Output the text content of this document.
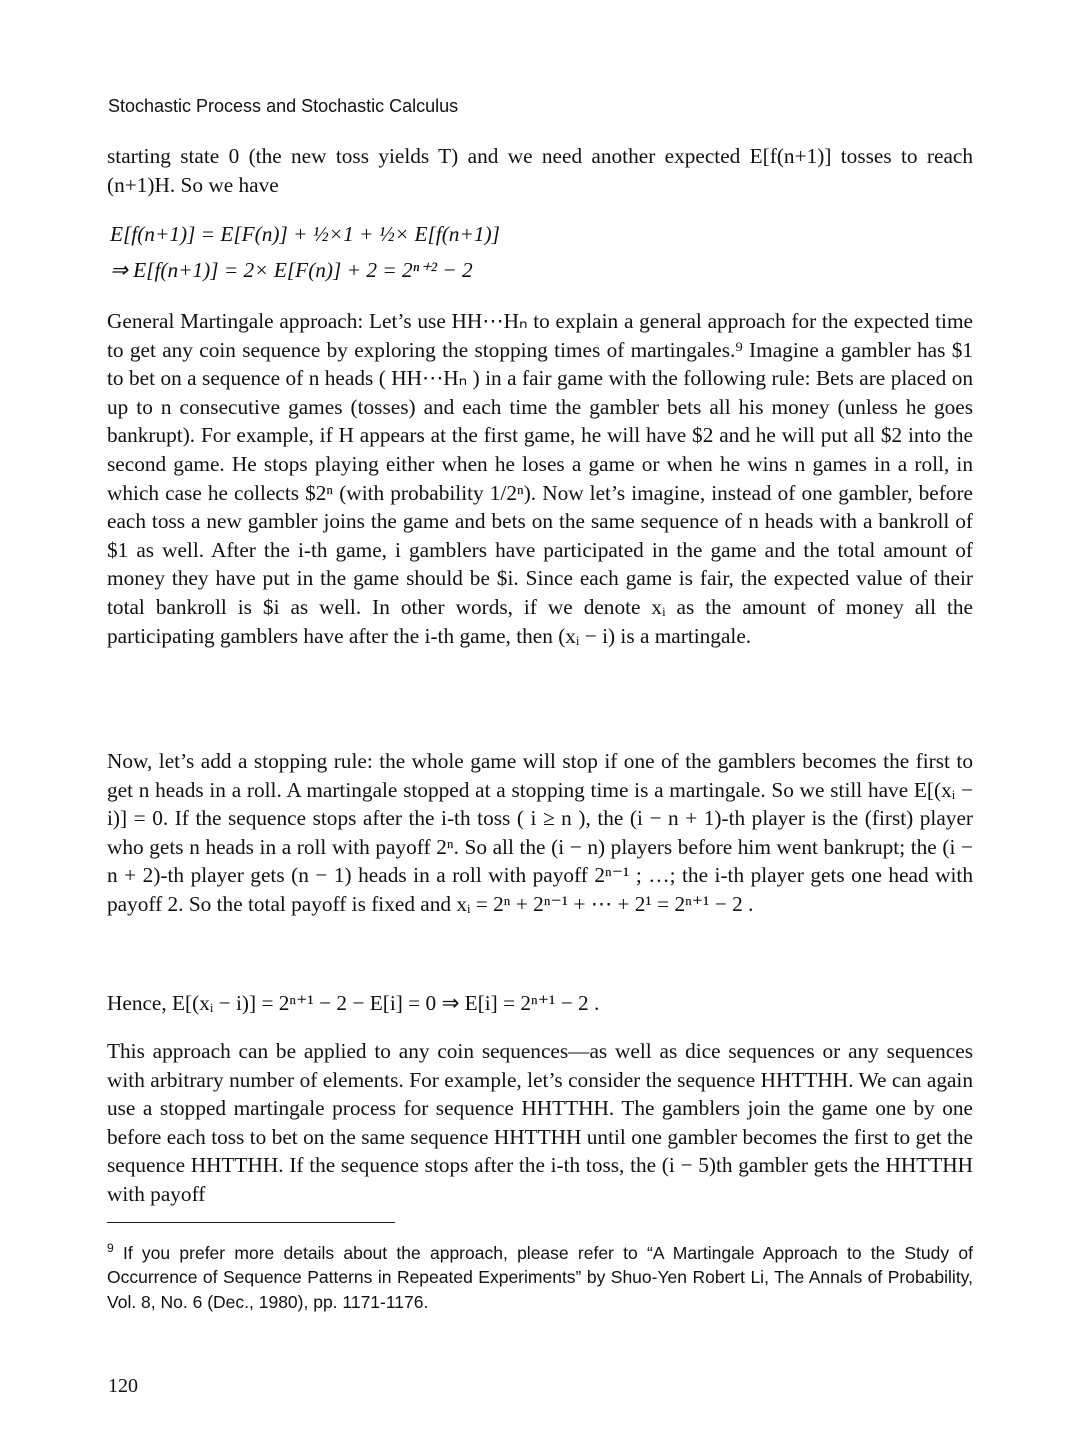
Stochastic Process and Stochastic Calculus
starting state 0 (the new toss yields T) and we need another expected E[f(n+1)] tosses to reach (n+1)H. So we have
E[f(n+1)] = E[F(n)] + ½×1 + ½× E[f(n+1)]
⇒ E[f(n+1)] = 2× E[F(n)] + 2 = 2ⁿ⁺² − 2
General Martingale approach: Let’s use HH⋯Hₙ to explain a general approach for the expected time to get any coin sequence by exploring the stopping times of martingales.⁹ Imagine a gambler has $1 to bet on a sequence of n heads ( HH⋯Hₙ ) in a fair game with the following rule: Bets are placed on up to n consecutive games (tosses) and each time the gambler bets all his money (unless he goes bankrupt). For example, if H appears at the first game, he will have $2 and he will put all $2 into the second game. He stops playing either when he loses a game or when he wins n games in a roll, in which case he collects $2ⁿ (with probability 1/2ⁿ). Now let’s imagine, instead of one gambler, before each toss a new gambler joins the game and bets on the same sequence of n heads with a bankroll of $1 as well. After the i-th game, i gamblers have participated in the game and the total amount of money they have put in the game should be $i. Since each game is fair, the expected value of their total bankroll is $i as well. In other words, if we denote xᵢ as the amount of money all the participating gamblers have after the i-th game, then (xᵢ − i) is a martingale.
Now, let’s add a stopping rule: the whole game will stop if one of the gamblers becomes the first to get n heads in a roll. A martingale stopped at a stopping time is a martingale. So we still have E[(xᵢ − i)] = 0. If the sequence stops after the i-th toss ( i ≥ n ), the (i − n + 1)-th player is the (first) player who gets n heads in a roll with payoff 2ⁿ. So all the (i − n) players before him went bankrupt; the (i − n + 2)-th player gets (n − 1) heads in a roll with payoff 2ⁿ⁻¹ ; …; the i-th player gets one head with payoff 2. So the total payoff is fixed and xᵢ = 2ⁿ + 2ⁿ⁻¹ + ⋯ + 2¹ = 2ⁿ⁺¹ − 2 .
Hence, E[(xᵢ − i)] = 2ⁿ⁺¹ − 2 − E[i] = 0 ⇒ E[i] = 2ⁿ⁺¹ − 2 .
This approach can be applied to any coin sequences—as well as dice sequences or any sequences with arbitrary number of elements. For example, let’s consider the sequence HHTTHH. We can again use a stopped martingale process for sequence HHTTHH. The gamblers join the game one by one before each toss to bet on the same sequence HHTTHH until one gambler becomes the first to get the sequence HHTTHH. If the sequence stops after the i-th toss, the (i − 5)th gambler gets the HHTTHH with payoff
$^9$ If you prefer more details about the approach, please refer to “A Martingale Approach to the Study of Occurrence of Sequence Patterns in Repeated Experiments” by Shuo-Yen Robert Li, The Annals of Probability, Vol. 8, No. 6 (Dec., 1980), pp. 1171-1176.
120
